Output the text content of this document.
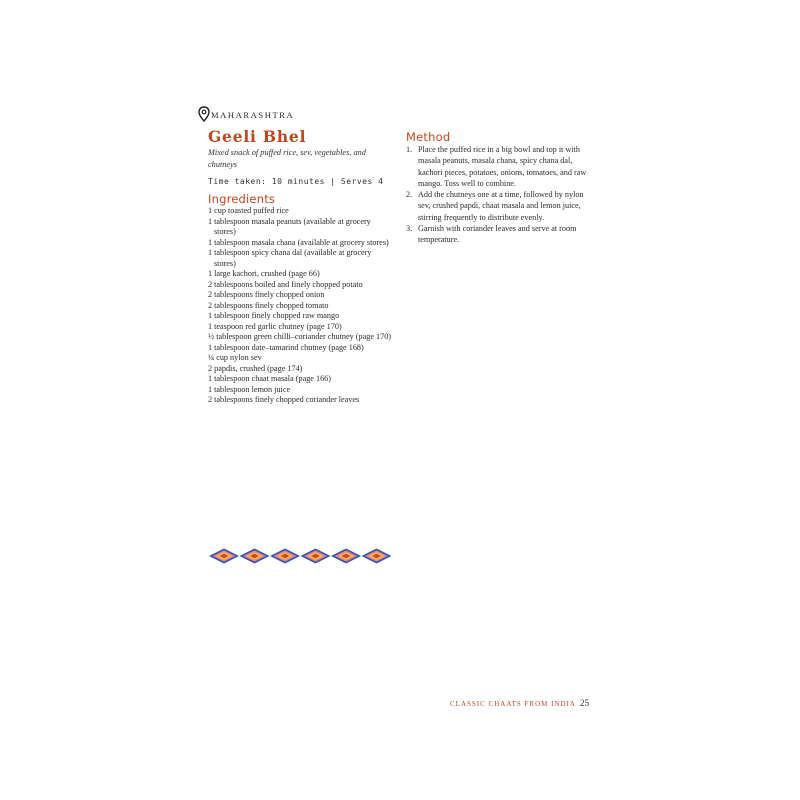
MAHARASHTRA
Geeli Bhel
Mixed snack of puffed rice, sev, vegetables, and chutneys
Time taken: 10 minutes | Serves 4
Ingredients
1 cup toasted puffed rice
1 tablespoon masala peanuts (available at grocery stores)
1 tablespoon masala chana (available at grocery stores)
1 tablespoon spicy chana dal (available at grocery stores)
1 large kachori, crushed (page 66)
2 tablespoons boiled and finely chopped potato
2 tablespoons finely chopped onion
2 tablespoons finely chopped tomato
1 tablespoon finely chopped raw mango
1 teaspoon red garlic chutney (page 170)
½ tablespoon green chilli–coriander chutney (page 170)
1 tablespoon date–tamarind chutney (page 168)
¼ cup nylon sev
2 papdis, crushed (page 174)
1 tablespoon chaat masala (page 166)
1 tablespoon lemon juice
2 tablespoons finely chopped coriander leaves
Method
1. Place the puffed rice in a big bowl and top it with masala peanuts, masala chana, spicy chana dal, kachori pieces, potatoes, onions, tomatoes, and raw mango. Toss well to combine.
2. Add the chutneys one at a time, followed by nylon sev, crushed papdi, chaat masala and lemon juice, stirring frequently to distribute evenly.
3. Garnish with coriander leaves and serve at room temperature.
CLASSIC CHAATS FROM INDIA 25
